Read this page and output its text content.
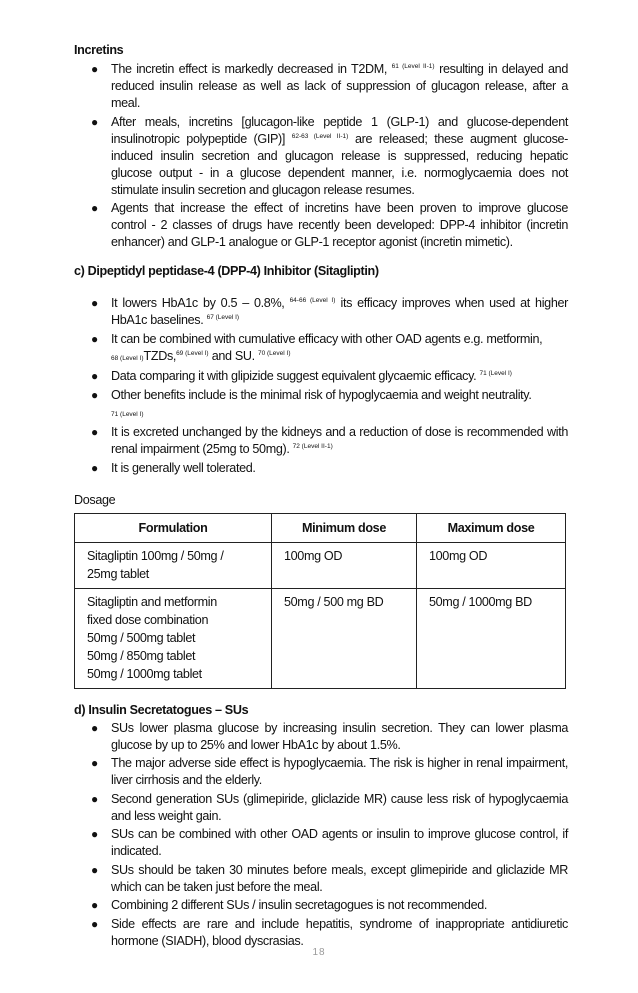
Incretins

● The incretin effect is markedly decreased in T2DM, $^{61 (Level II-1)}$ resulting in delayed and reduced insulin release as well as lack of suppression of glucagon release, after a meal.
● After meals, incretins [glucagon-like peptide 1 (GLP-1) and glucose-dependent insulinotropic polypeptide (GIP)] $^{62-63 (Level II-1)}$ are released; these augment glucose-induced insulin secretion and glucagon release is suppressed, reducing hepatic glucose output - in a glucose dependent manner, i.e. normoglycaemia does not stimulate insulin secretion and glucagon release resumes.
● Agents that increase the effect of incretins have been proven to improve glucose control - 2 classes of drugs have recently been developed: DPP-4 inhibitor (incretin enhancer) and GLP-1 analogue or GLP-1 receptor agonist (incretin mimetic).

c) Dipeptidyl peptidase-4 (DPP-4) Inhibitor (Sitagliptin)

● It lowers HbA1c by 0.5 – 0.8%, $^{64-66 (Level I)}$ its efficacy improves when used at higher HbA1c baselines. $^{67 (Level I)}$
● It can be combined with cumulative efficacy with other OAD agents e.g. metformin,
68 (Level I)TZDs,$^{69 (Level I)}$ and SU. $^{70 (Level I)}$
● Data comparing it with glipizide suggest equivalent glycaemic efficacy. $^{71 (Level I)}$
● Other benefits include is the minimal risk of hypoglycaemia and weight neutrality.
71 (Level I)
● It is excreted unchanged by the kidneys and a reduction of dose is recommended with renal impairment (25mg to 50mg). $^{72 (Level II-1)}$
● It is generally well tolerated.

Dosage

Formulation	Minimum dose	Maximum dose
Sitagliptin 100mg / 50mg /
25mg tablet	100mg OD	100mg OD
Sitagliptin and metformin
fixed dose combination
50mg / 500mg tablet
50mg / 850mg tablet
50mg / 1000mg tablet	50mg / 500 mg BD	50mg / 1000mg BD

d) Insulin Secretatogues – SUs

● SUs lower plasma glucose by increasing insulin secretion. They can lower plasma glucose by up to 25% and lower HbA1c by about 1.5%.
● The major adverse side effect is hypoglycaemia. The risk is higher in renal impairment, liver cirrhosis and the elderly.
● Second generation SUs (glimepiride, gliclazide MR) cause less risk of hypoglycaemia and less weight gain.
● SUs can be combined with other OAD agents or insulin to improve glucose control, if indicated.
● SUs should be taken 30 minutes before meals, except glimepiride and gliclazide MR which can be taken just before the meal.
● Combining 2 different SUs / insulin secretagogues is not recommended.
● Side effects are rare and include hepatitis, syndrome of inappropriate antidiuretic hormone (SIADH), blood dyscrasias.
18
